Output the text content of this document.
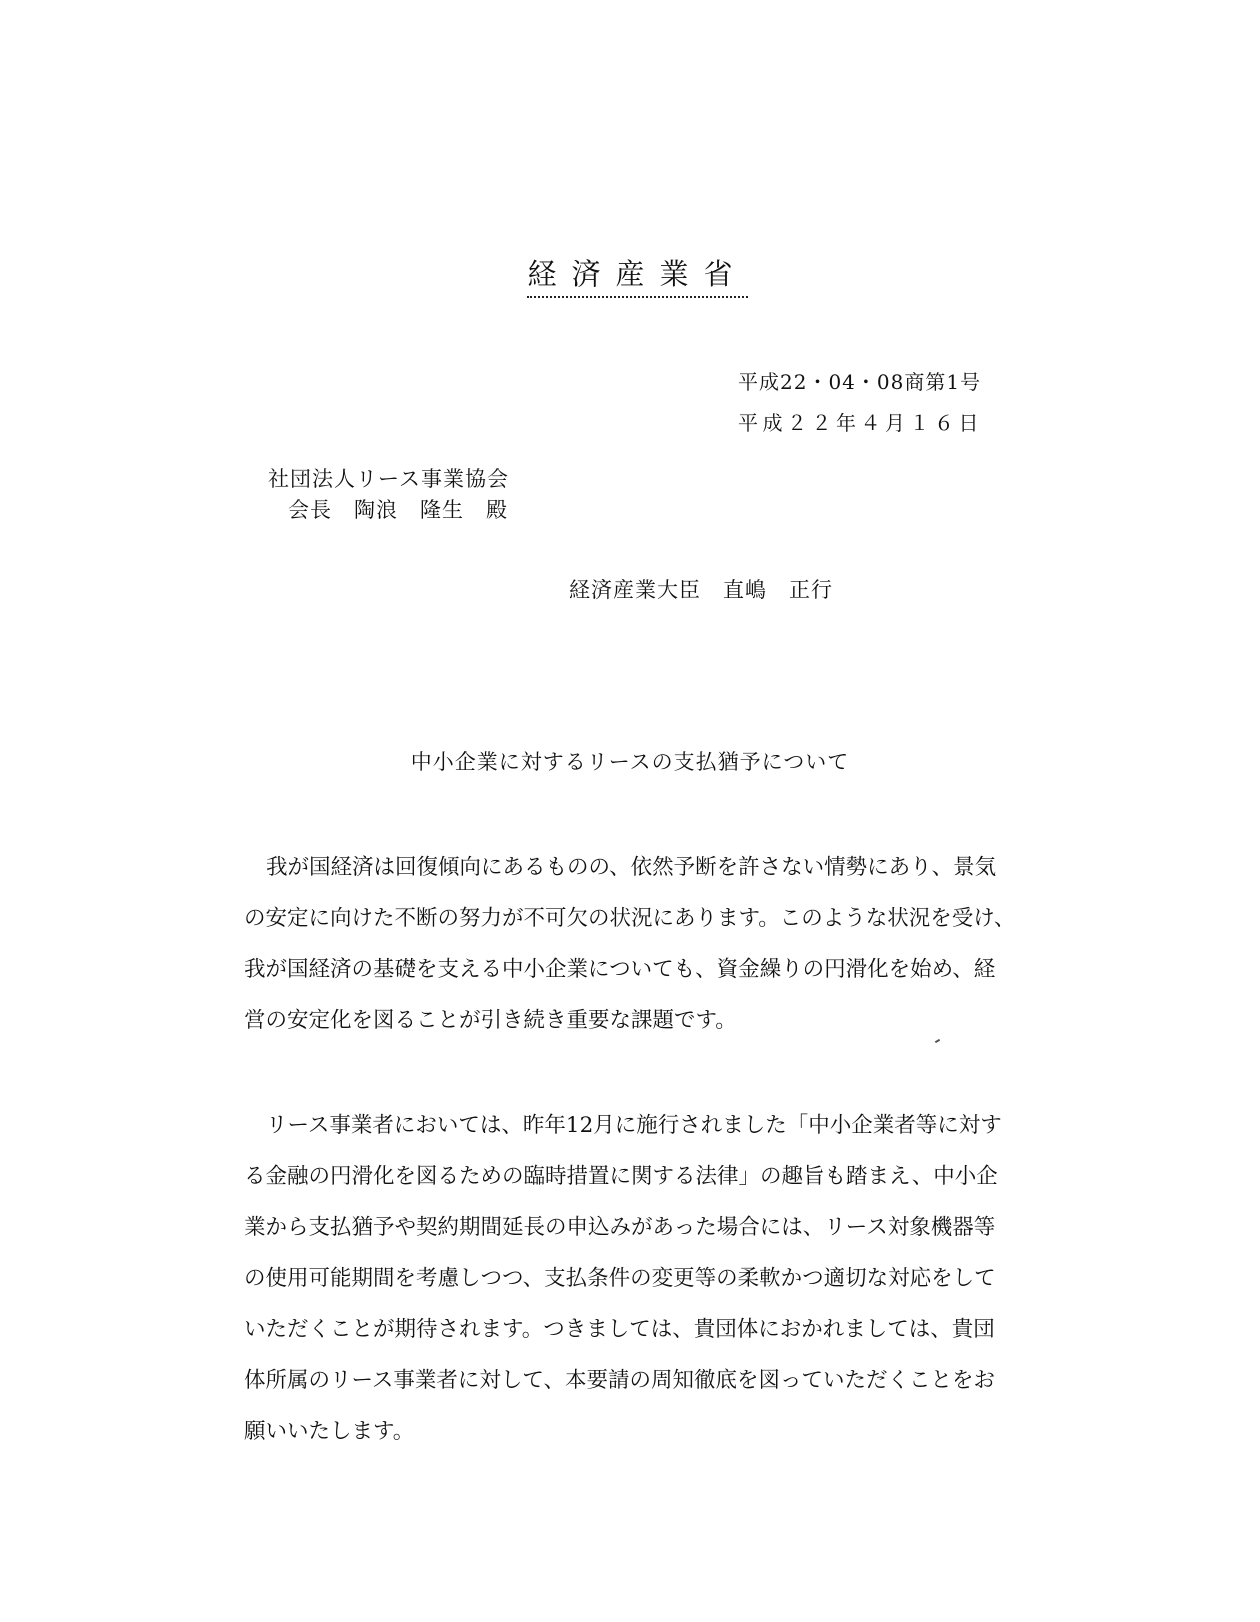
経済産業省
平成22・04・08商第1号
平成２２年４月１６日
社団法人リース事業協会
会長　陶浪　隆生　殿
経済産業大臣　直嶋　正行
中小企業に対するリースの支払猶予について
我が国経済は回復傾向にあるものの、依然予断を許さない情勢にあり、景気
の安定に向けた不断の努力が不可欠の状況にあります。このような状況を受け、
我が国経済の基礎を支える中小企業についても、資金繰りの円滑化を始め、経
営の安定化を図ることが引き続き重要な課題です。
リース事業者においては、昨年12月に施行されました「中小企業者等に対す
る金融の円滑化を図るための臨時措置に関する法律」の趣旨も踏まえ、中小企
業から支払猶予や契約期間延長の申込みがあった場合には、リース対象機器等
の使用可能期間を考慮しつつ、支払条件の変更等の柔軟かつ適切な対応をして
いただくことが期待されます。つきましては、貴団体におかれましては、貴団
体所属のリース事業者に対して、本要請の周知徹底を図っていただくことをお
願いいたします。
